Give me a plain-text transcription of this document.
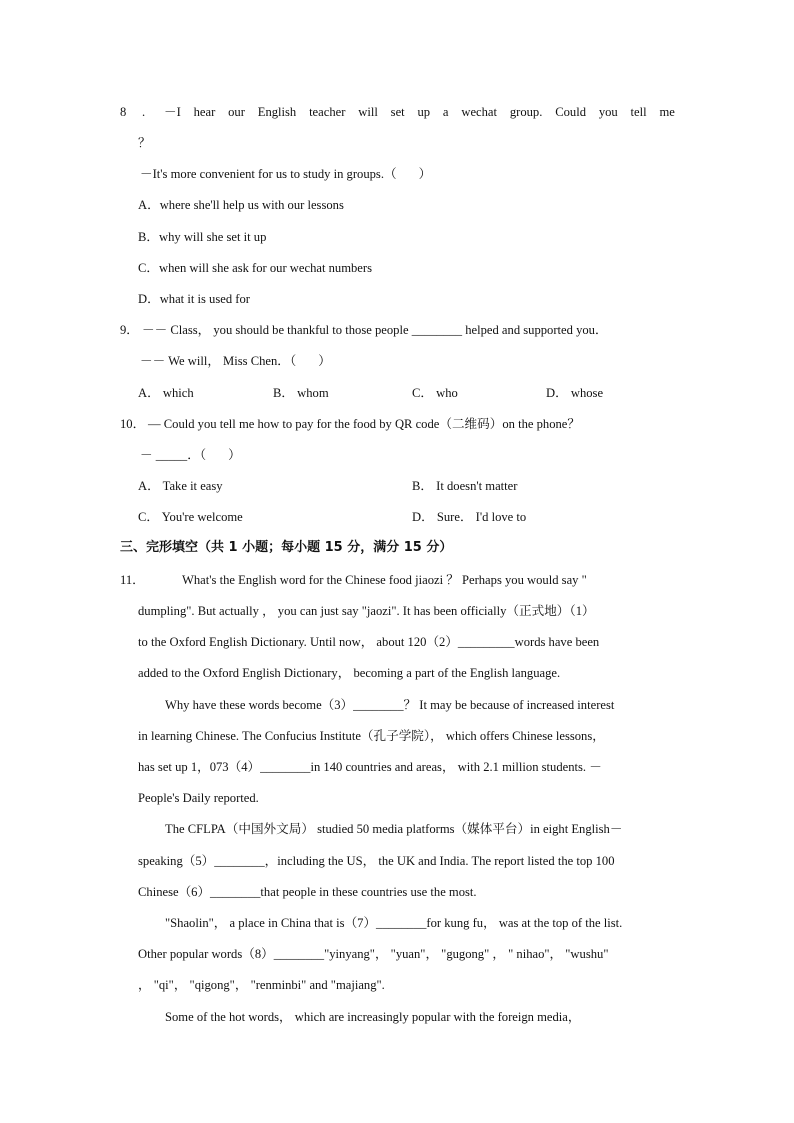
8 . －I hear our English teacher will set up a wechat group. Could you tell me
？
－It's more convenient for us to study in groups.（ ）
A．where she'll help us with our lessons
B．why will she set it up
C．when will she ask for our wechat numbers
D．what it is used for
9． －－ Class， you should be thankful to those people ________ helped and supported you．
－－ We will， Miss Chen．（ ）
A． which	B． whom	C． who	D． whose
10． — Could you tell me how to pay for the food by QR code（二维码）on the phone？
－ _____．（ ）
A． Take it easy	B． It doesn't matter
C． You're welcome	D． Sure． I'd love to
三、完形填空（共 1 小题；每小题 15 分，满分 15 分）
11．	What's the English word for the Chinese food jiaozi ？ Perhaps you would say "
dumpling". But actually ， you can just say "jaozi". It has been officially（正式地）（1）
to the Oxford English Dictionary. Until now， about 120（2）_________words have been
added to the Oxford English Dictionary， becoming a part of the English language.
Why have these words become（3）________？ It may be because of increased interest
in learning Chinese. The Confucius Institute（孔子学院）， which offers Chinese lessons，
has set up 1，073（4）________in 140 countries and areas， with 2.1 million students. －
People's Daily reported.
The CFLPA（中国外文局） studied 50 media platforms（媒体平台）in eight English－
speaking（5）________，including the US， the UK and India. The report listed the top 100
Chinese（6）________that people in these countries use the most.
"Shaolin"， a place in China that is（7）________for kung fu， was at the top of the list.
Other popular words（8）________"yinyang"， "yuan"， "gugong" ， " nihao"， "wushu"
， "qi"， "qigong"， "renminbi" and "majiang".
Some of the hot words， which are increasingly popular with the foreign media，
